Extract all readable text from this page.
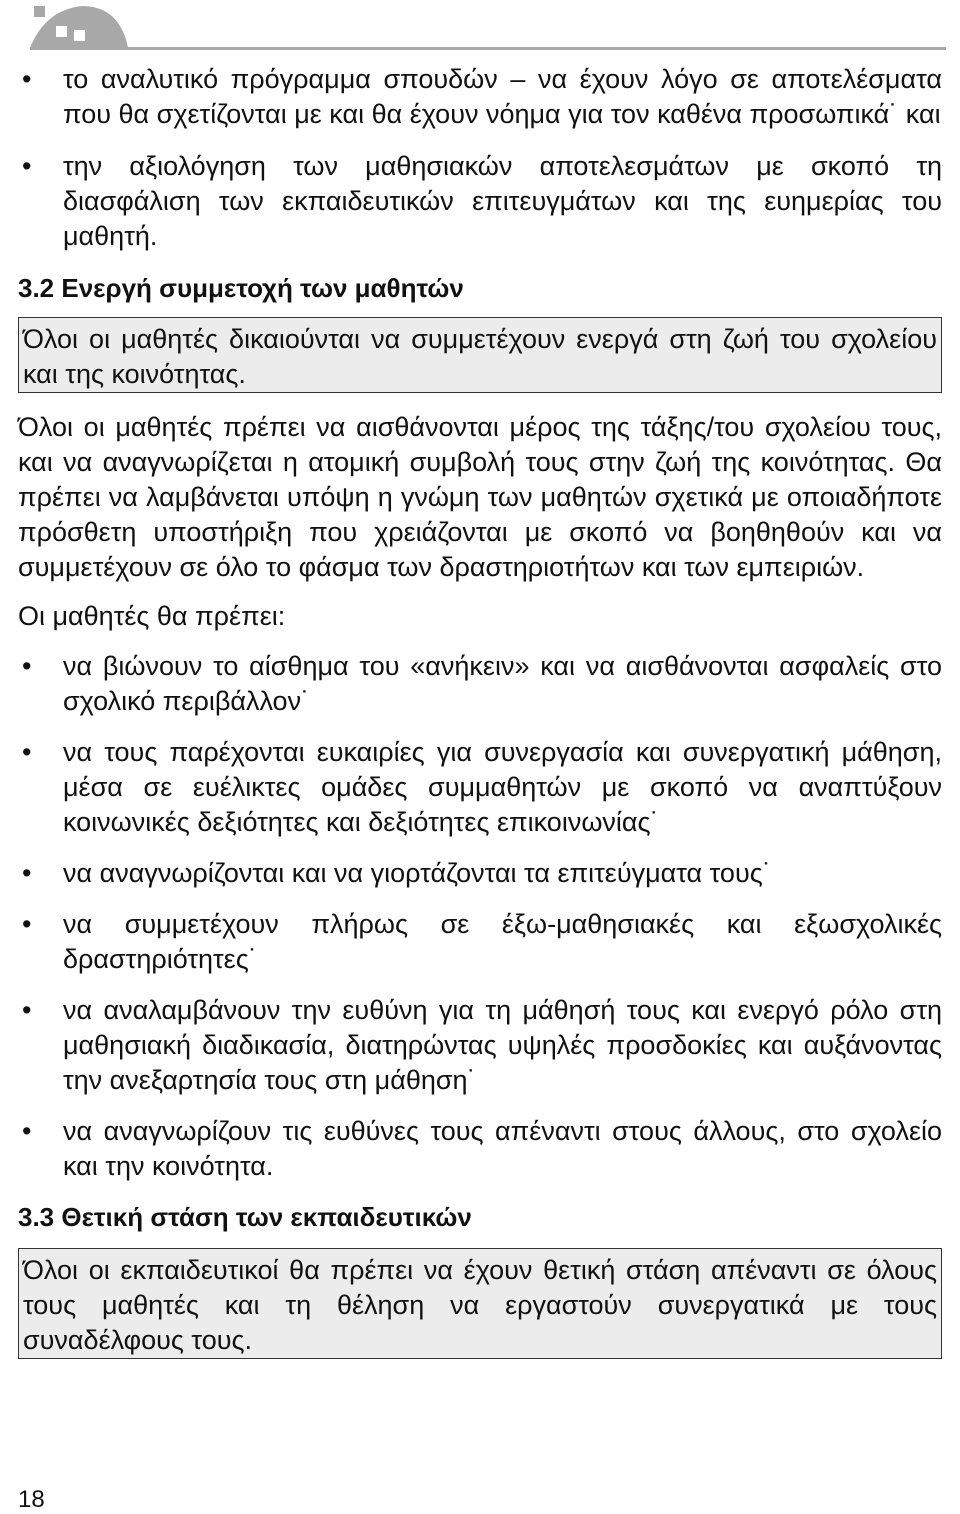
• το αναλυτικό πρόγραμμα σπουδών – να έχουν λόγο σε αποτελέσματα που θα σχετίζονται με και θα έχουν νόημα για τον καθένα προσωπικά˙ και
• την αξιολόγηση των μαθησιακών αποτελεσμάτων με σκοπό τη διασφάλιση των εκπαιδευτικών επιτευγμάτων και της ευημερίας του μαθητή.
3.2 Ενεργή συμμετοχή των μαθητών
Όλοι οι μαθητές δικαιούνται να συμμετέχουν ενεργά στη ζωή του σχολείου και της κοινότητας.

Όλοι οι μαθητές πρέπει να αισθάνονται μέρος της τάξης/του σχολείου τους, και να αναγνωρίζεται η ατομική συμβολή τους στην ζωή της κοινότητας. Θα πρέπει να λαμβάνεται υπόψη η γνώμη των μαθητών σχετικά με οποιαδήποτε πρόσθετη υποστήριξη που χρειάζονται με σκοπό να βοηθηθούν και να συμμετέχουν σε όλο το φάσμα των δραστηριοτήτων και των εμπειριών.

Οι μαθητές θα πρέπει:

• να βιώνουν το αίσθημα του «ανήκειν» και να αισθάνονται ασφαλείς στο σχολικό περιβάλλον˙
• να τους παρέχονται ευκαιρίες για συνεργασία και συνεργατική μάθηση, μέσα σε ευέλικτες ομάδες συμμαθητών με σκοπό να αναπτύξουν κοινωνικές δεξιότητες και δεξιότητες επικοινωνίας˙
• να αναγνωρίζονται και να γιορτάζονται τα επιτεύγματα τους˙
• να συμμετέχουν πλήρως σε έξω-μαθησιακές και εξωσχολικές δραστηριότητες˙
• να αναλαμβάνουν την ευθύνη για τη μάθησή τους και ενεργό ρόλο στη μαθησιακή διαδικασία, διατηρώντας υψηλές προσδοκίες και αυξάνοντας την ανεξαρτησία τους στη μάθηση˙
• να αναγνωρίζουν τις ευθύνες τους απέναντι στους άλλους, στο σχολείο και την κοινότητα.
3.3 Θετική στάση των εκπαιδευτικών
Όλοι οι εκπαιδευτικοί θα πρέπει να έχουν θετική στάση απέναντι σε όλους τους μαθητές και τη θέληση να εργαστούν συνεργατικά με τους συναδέλφους τους.
18
